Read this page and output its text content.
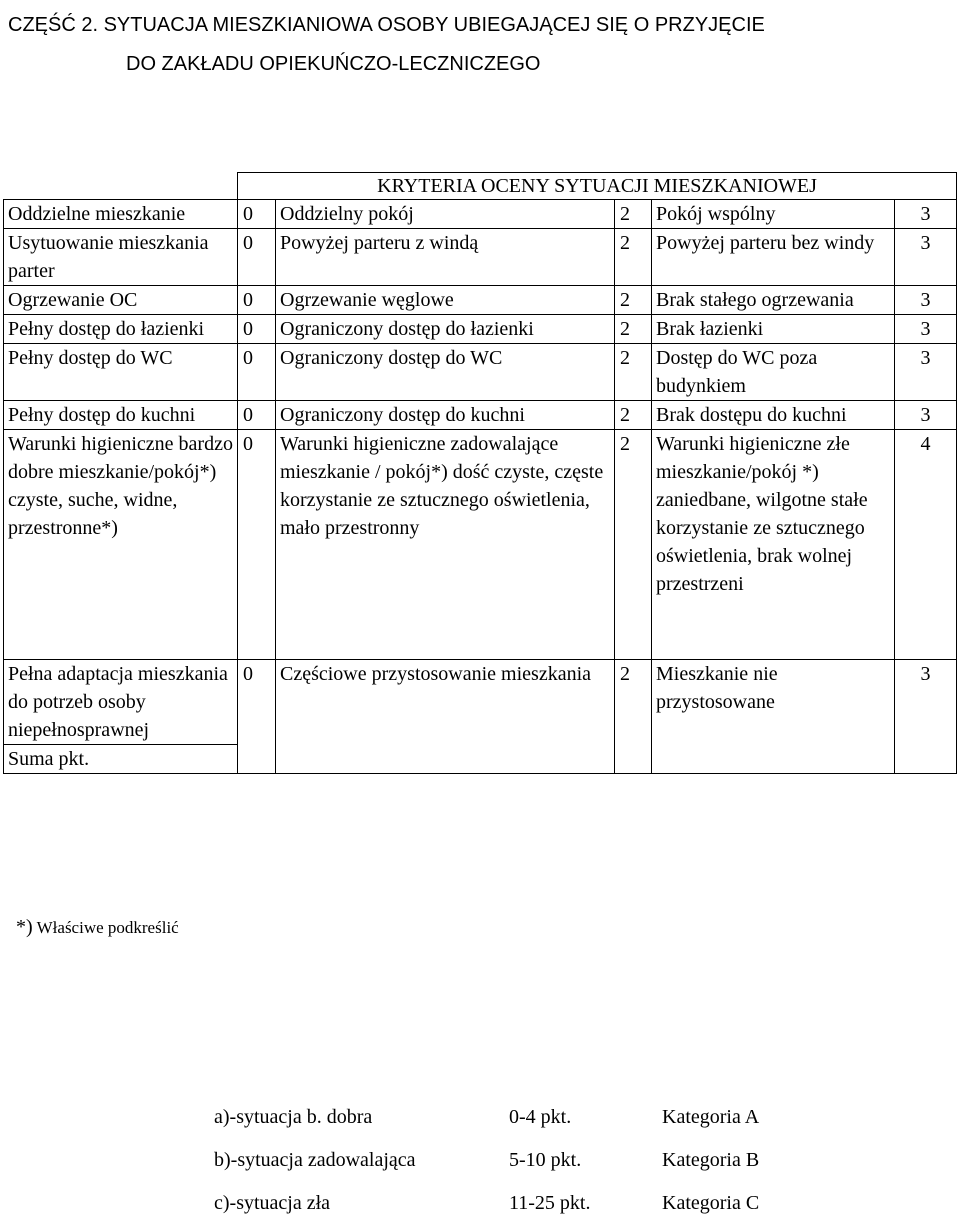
CZĘŚĆ 2. SYTUACJA MIESZKIANIOWA OSOBY UBIEGAJĄCEJ SIĘ O PRZYJĘCIE
DO ZAKŁADU OPIEKUŃCZO-LECZNICZEGO
	KRYTERIA OCENY SYTUACJI MIESZKANIOWEJ				
Oddzielne mieszkanie	0	Oddzielny pokój	2	Pokój wspólny	3
Usytuowanie mieszkania parter	0	Powyżej parteru z windą	2	Powyżej parteru bez windy	3
Ogrzewanie OC	0	Ogrzewanie węglowe	2	Brak stałego ogrzewania	3
Pełny dostęp do łazienki	0	Ograniczony dostęp do łazienki	2	Brak łazienki	3
Pełny dostęp do WC	0	Ograniczony dostęp do WC	2	Dostęp do WC poza budynkiem	3
Pełny dostęp do kuchni	0	Ograniczony dostęp do kuchni	2	Brak dostępu do kuchni	3
Warunki higieniczne bardzo dobre mieszkanie/pokój*) czyste, suche, widne, przestronne*)	0	Warunki higieniczne zadowalające mieszkanie / pokój*) dość czyste, częste korzystanie ze sztucznego oświetlenia, mało przestronny	2	Warunki higieniczne złe mieszkanie/pokój *) zaniedbane, wilgotne stałe korzystanie ze sztucznego oświetlenia, brak wolnej przestrzeni	4
Pełna adaptacja mieszkania do potrzeb osoby niepełnosprawnej	0	Częściowe przystosowanie mieszkania	2	Mieszkanie nie przystosowane	3
Suma pkt.					
*) Właściwe podkreślić
a)-sytuacja b. dobra	0-4 pkt.	Kategoria A
b)-sytuacja zadowalająca	5-10 pkt.	Kategoria B
c)-sytuacja zła	11-25 pkt.	Kategoria C
